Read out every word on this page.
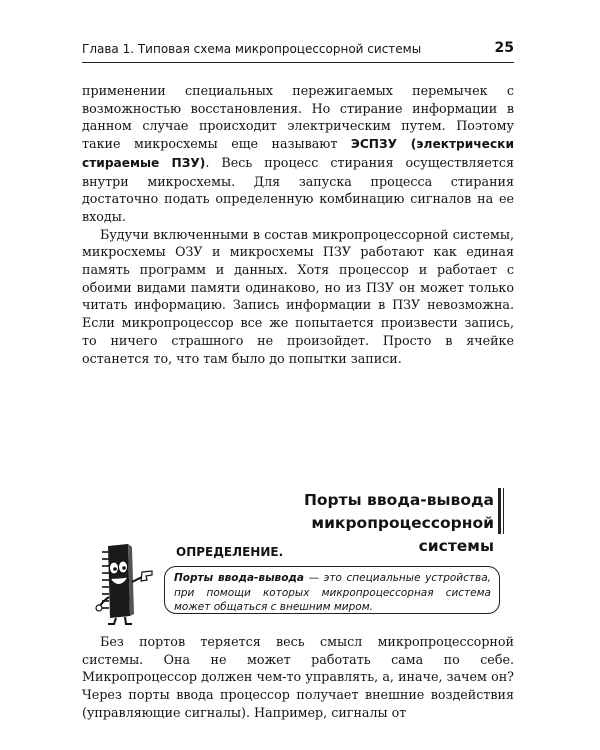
Глава 1. Типовая схема микропроцессорной системы	25

применении специальных пережигаемых перемычек с возможностью восстановления. Но стирание информации в данном случае происходит электрическим путем. Поэтому такие микросхемы еще называют ЭСПЗУ (электрически стираемые ПЗУ). Весь процесс стирания осуществляется внутри микросхемы. Для запуска процесса стирания достаточно подать определенную комбинацию сигналов на ее входы.

Будучи включенными в состав микропроцессорной системы, микросхемы ОЗУ и микросхемы ПЗУ работают как единая память программ и данных. Хотя процессор и работает с обоими видами памяти одинаково, но из ПЗУ он может только читать информацию. Запись информации в ПЗУ невозможна. Если микропроцессор все же попытается произвести запись, то ничего страшного не произойдет. Просто в ячейке останется то, что там было до попытки записи.

Порты ввода-вывода
микропроцессорной системы
ОПРЕДЕЛЕНИЕ.
Порты ввода-вывода — это специальные устройства, при помощи которых микропроцессорная система может общаться с внешним миром.

Без портов теряется весь смысл микропроцессорной системы. Она не может работать сама по себе. Микропроцессор должен чем-то управлять, а, иначе, зачем он? Через порты ввода процессор получает внешние воздействия (управляющие сигналы). Например, сигналы от
